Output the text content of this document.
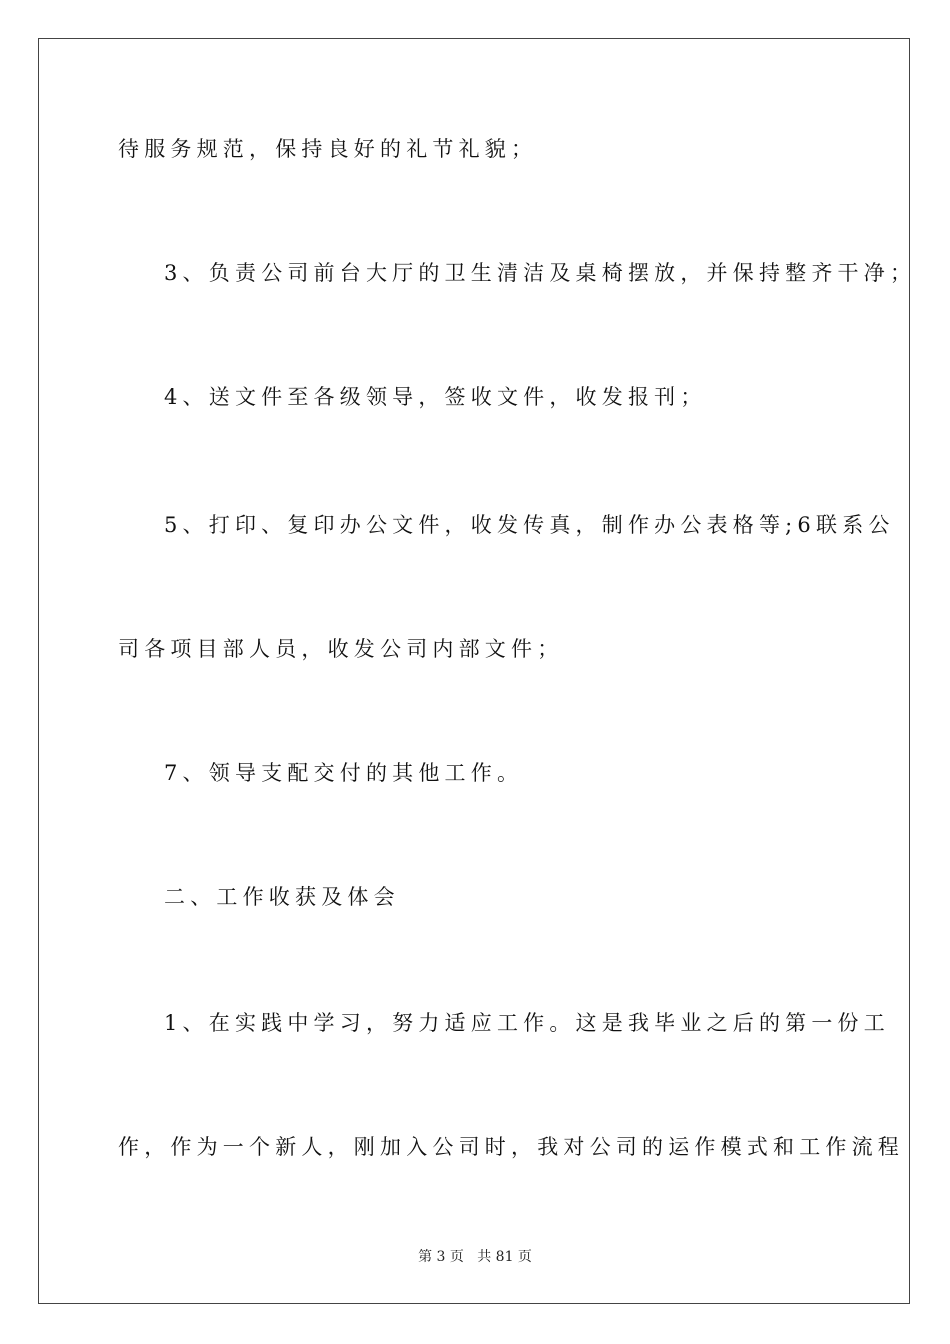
待服务规范，保持良好的礼节礼貌；
3、负责公司前台大厅的卫生清洁及桌椅摆放，并保持整齐干净；
4、送文件至各级领导，签收文件，收发报刊；
5、打印、复印办公文件，收发传真，制作办公表格等;6联系公
司各项目部人员，收发公司内部文件；
7、领导支配交付的其他工作。
二、工作收获及体会
1、在实践中学习，努力适应工作。这是我毕业之后的第一份工
作，作为一个新人，刚加入公司时，我对公司的运作模式和工作流程
第 3 页   共 81 页
